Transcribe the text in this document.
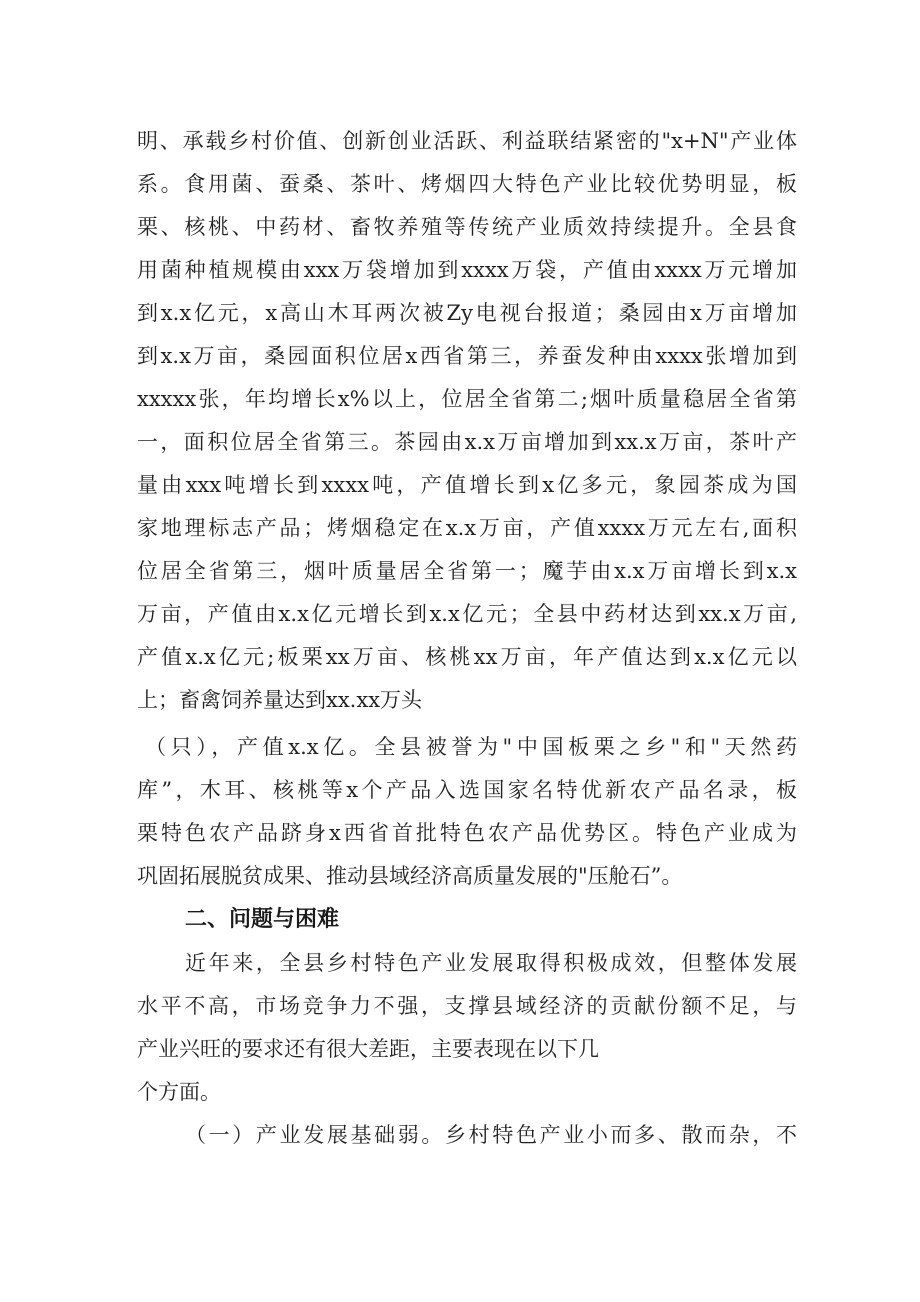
明、承载乡村价值、创新创业活跃、利益联结紧密的"x+N"产业体
系。食用菌、蚕桑、茶叶、烤烟四大特色产业比较优势明显，板
栗、核桃、中药材、畜牧养殖等传统产业质效持续提升。全县食
用菌种植规模由xxx万袋增加到xxxx万袋，产值由xxxx万元增加
到x.x亿元，x高山木耳两次被Zy电视台报道；桑园由x万亩增加
到x.x万亩，桑园面积位居x西省第三，养蚕发种由xxxx张增加到
xxxxx张，年均增长x%以上，位居全省第二;烟叶质量稳居全省第
一，面积位居全省第三。茶园由x.x万亩增加到xx.x万亩，茶叶产
量由xxx吨增长到xxxx吨，产值增长到x亿多元，象园茶成为国
家地理标志产品；烤烟稳定在x.x万亩，产值xxxx万元左右,面积
位居全省第三，烟叶质量居全省第一；魔芋由x.x万亩增长到x.x
万亩，产值由x.x亿元增长到x.x亿元；全县中药材达到xx.x万亩,
产值x.x亿元;板栗xx万亩、核桃xx万亩，年产值达到x.x亿元以
上；畜禽饲养量达到xx.xx万头
（只），产值x.x亿。全县被誉为"中国板栗之乡"和"天然药
库”，木耳、核桃等x个产品入选国家名特优新农产品名录，板
栗特色农产品跻身x西省首批特色农产品优势区。特色产业成为
巩固拓展脱贫成果、推动县域经济高质量发展的"压舱石”。
二、问题与困难
近年来，全县乡村特色产业发展取得积极成效，但整体发展
水平不高，市场竞争力不强，支撑县域经济的贡献份额不足，与
产业兴旺的要求还有很大差距，主要表现在以下几
个方面。
（一）产业发展基础弱。乡村特色产业小而多、散而杂，不
